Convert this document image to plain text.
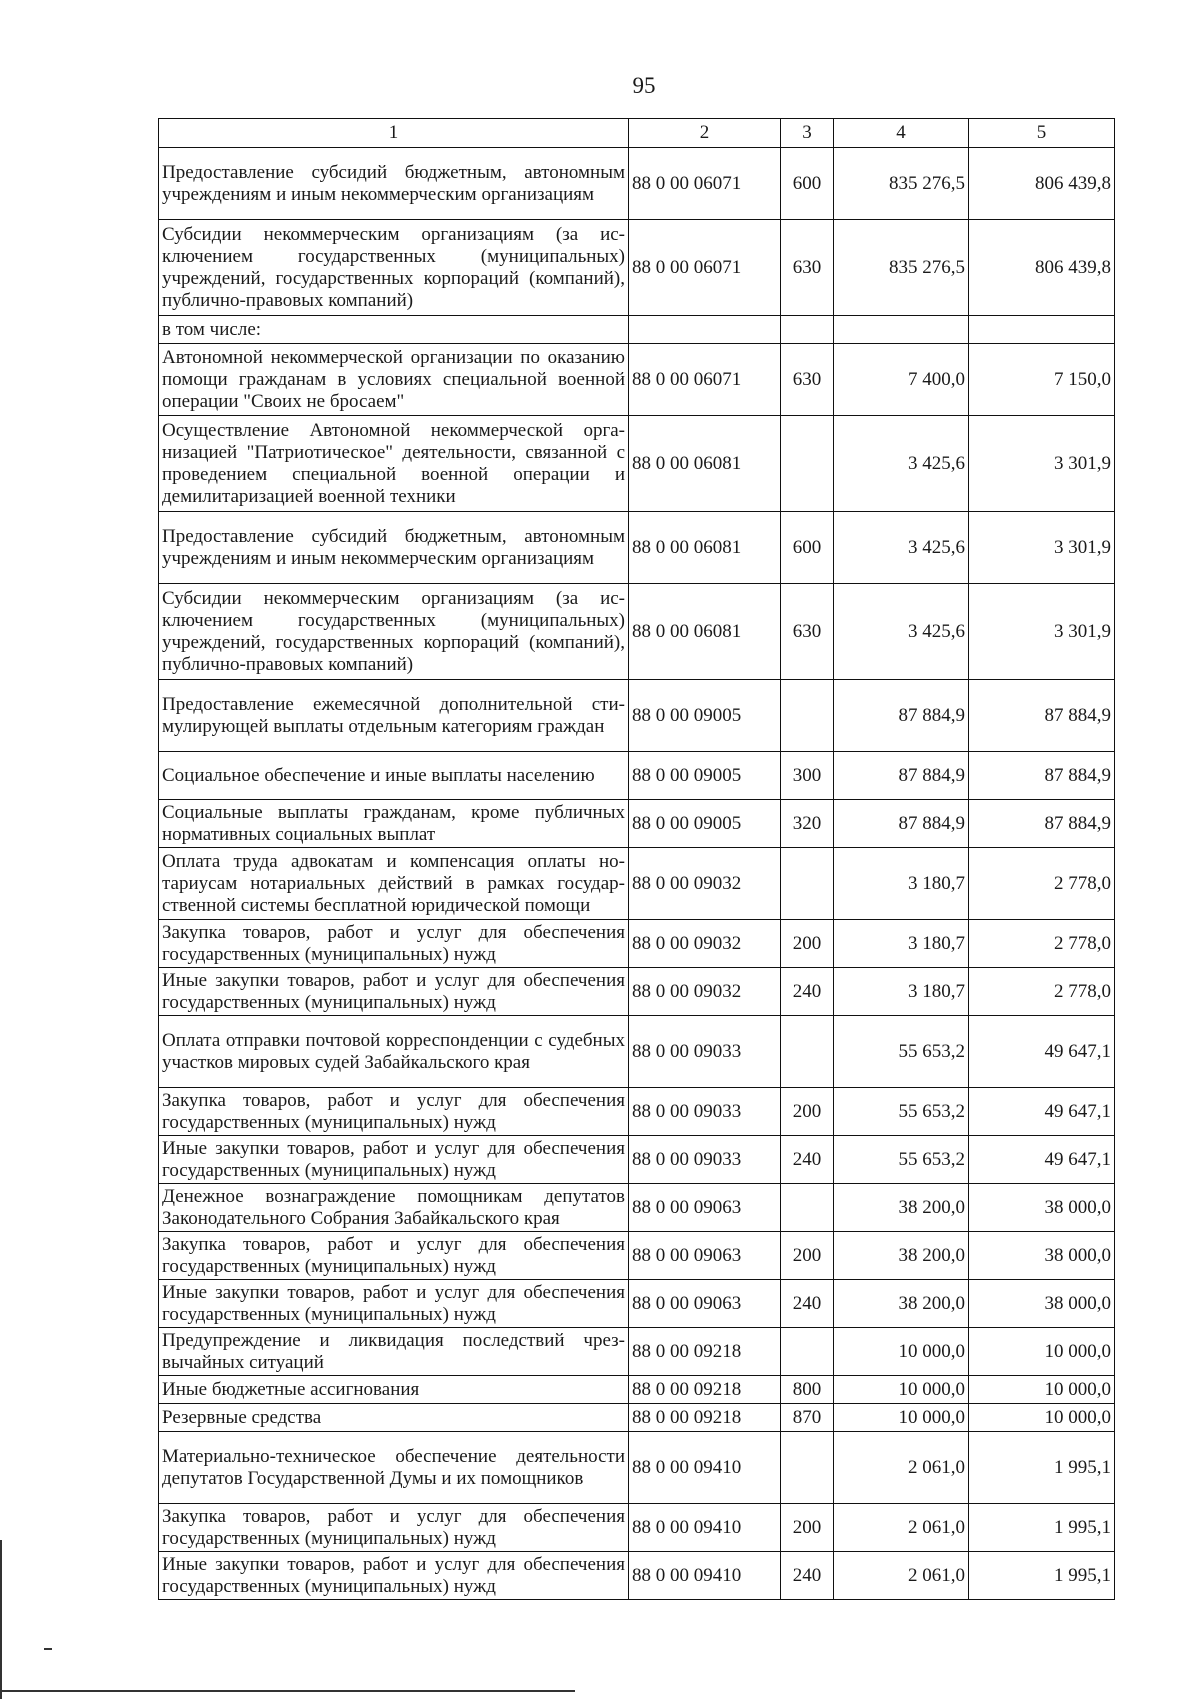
95
1	2	3	4	5
Предоставление субсидий бюджетным, автономным учреждениям и иным некоммерческим организациям	88 0 00 06071	600	835 276,5	806 439,8
Субсидии некоммерческим организациям (за исключением государственных (муниципальных) учреждений, государственных корпораций (компаний), публично-правовых компаний)	88 0 00 06071	630	835 276,5	806 439,8
в том числе:				
Автономной некоммерческой организации по оказанию помощи гражданам в условиях специальной военной операции "Своих не бросаем"	88 0 00 06071	630	7 400,0	7 150,0
Осуществление Автономной некоммерческой организацией "Патриотическое" деятельности, связанной с проведением специальной военной операции и демилитаризацией военной техники	88 0 00 06081		3 425,6	3 301,9
Предоставление субсидий бюджетным, автономным учреждениям и иным некоммерческим организациям	88 0 00 06081	600	3 425,6	3 301,9
Субсидии некоммерческим организациям (за исключением государственных (муниципальных) учреждений, государственных корпораций (компаний), публично-правовых компаний)	88 0 00 06081	630	3 425,6	3 301,9
Предоставление ежемесячной дополнительной стимулирующей выплаты отдельным категориям граждан	88 0 00 09005		87 884,9	87 884,9
Социальное обеспечение и иные выплаты населению	88 0 00 09005	300	87 884,9	87 884,9
Социальные выплаты гражданам, кроме публичных нормативных социальных выплат	88 0 00 09005	320	87 884,9	87 884,9
Оплата труда адвокатам и компенсация оплаты нотариусам нотариальных действий в рамках государственной системы бесплатной юридической помощи	88 0 00 09032		3 180,7	2 778,0
Закупка товаров, работ и услуг для обеспечения государственных (муниципальных) нужд	88 0 00 09032	200	3 180,7	2 778,0
Иные закупки товаров, работ и услуг для обеспечения государственных (муниципальных) нужд	88 0 00 09032	240	3 180,7	2 778,0
Оплата отправки почтовой корреспонденции с судебных участков мировых судей Забайкальского края	88 0 00 09033		55 653,2	49 647,1
Закупка товаров, работ и услуг для обеспечения государственных (муниципальных) нужд	88 0 00 09033	200	55 653,2	49 647,1
Иные закупки товаров, работ и услуг для обеспечения государственных (муниципальных) нужд	88 0 00 09033	240	55 653,2	49 647,1
Денежное вознаграждение помощникам депутатов Законодательного Собрания Забайкальского края	88 0 00 09063		38 200,0	38 000,0
Закупка товаров, работ и услуг для обеспечения государственных (муниципальных) нужд	88 0 00 09063	200	38 200,0	38 000,0
Иные закупки товаров, работ и услуг для обеспечения государственных (муниципальных) нужд	88 0 00 09063	240	38 200,0	38 000,0
Предупреждение и ликвидация последствий чрезвычайных ситуаций	88 0 00 09218		10 000,0	10 000,0
Иные бюджетные ассигнования	88 0 00 09218	800	10 000,0	10 000,0
Резервные средства	88 0 00 09218	870	10 000,0	10 000,0
Материально-техническое обеспечение деятельности депутатов Государственной Думы и их помощников	88 0 00 09410		2 061,0	1 995,1
Закупка товаров, работ и услуг для обеспечения государственных (муниципальных) нужд	88 0 00 09410	200	2 061,0	1 995,1
Иные закупки товаров, работ и услуг для обеспечения государственных (муниципальных) нужд	88 0 00 09410	240	2 061,0	1 995,1
